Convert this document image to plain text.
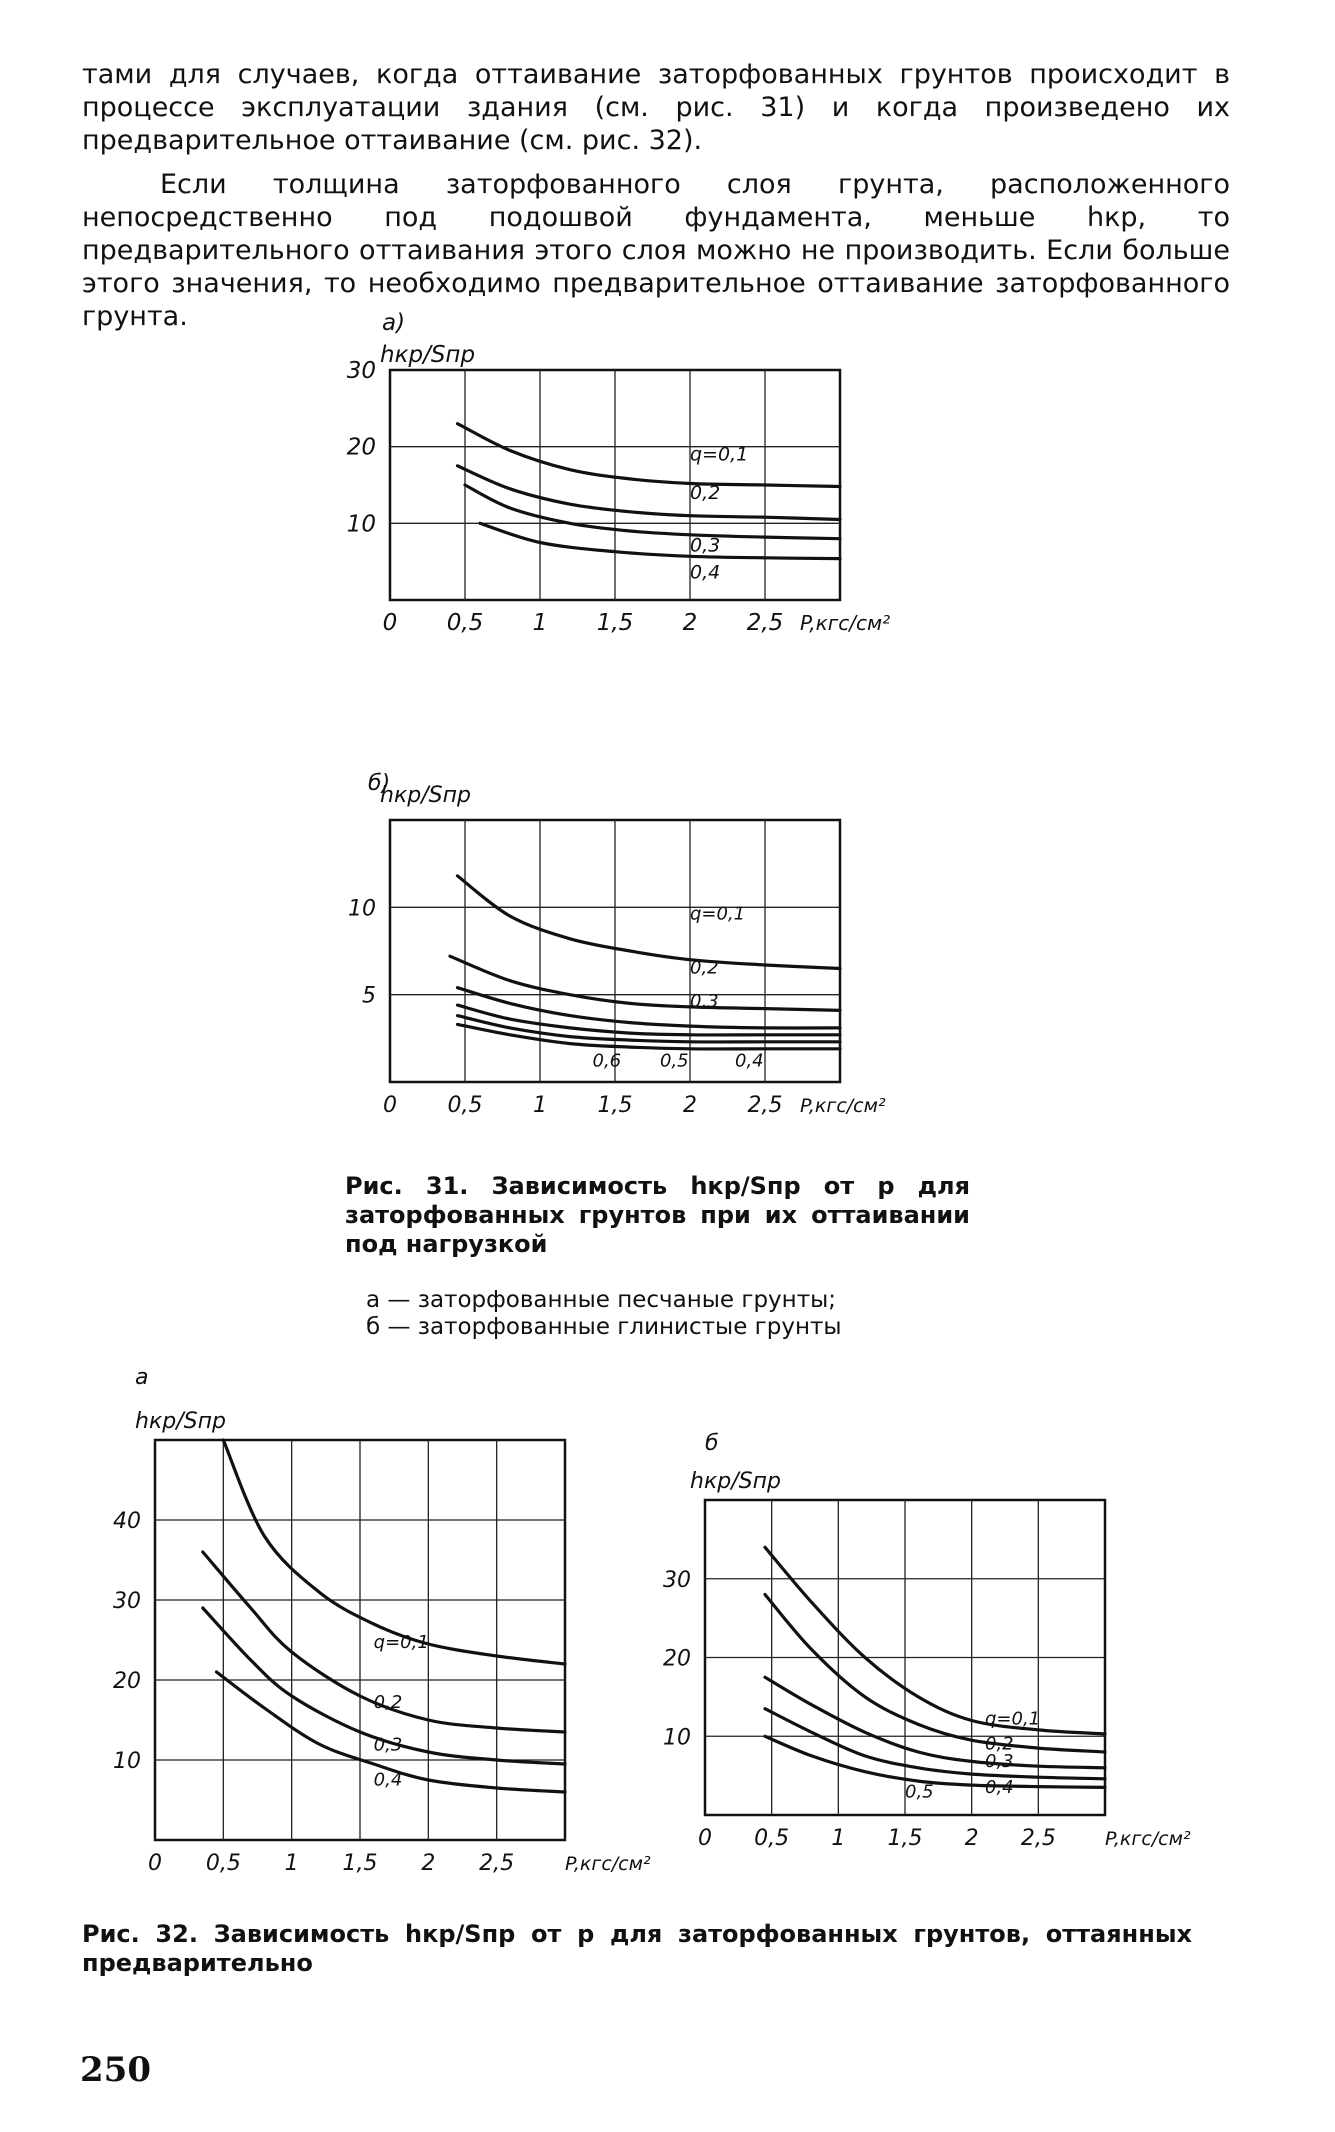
тами для случаев, когда оттаивание заторфованных грунтов происходит в процессе эксплуатации здания (см. рис. 31) и когда произведено их предварительное оттаивание (см. рис. 32).
Если толщина заторфованного слоя грунта, расположенного непосредственно под подошвой фундамента, меньше hкр, то предварительного оттаивания этого слоя можно не производить. Если больше этого значения, то необходимо предварительное оттаивание заторфованного грунта.
0 0,5 1 1,5 2 2,5
10
20
30
hкр/Sпр
P,кгс/см²
а)
q=0,1
0,2
0,3
0,4
0 0,5 1 1,5 2 2,5
5
10
hкр/Sпр
P,кгс/см²
б)
q=0,1
0,2
0,3
0,4
0,5
0,6
Рис. 31. Зависимость hкр/Sпр от p для заторфованных грунтов при их оттаивании под нагрузкой
а — заторфованные песчаные грунты;
б — заторфованные глинистые грунты
0 0,5 1 1,5 2 2,5
10
20
30
40
hкр/Sпр
P,кгс/см²
а
q=0,1
0,2
0,3
0,4
0 0,5 1 1,5 2 2,5
10
20
30
hкр/Sпр
P,кгс/см²
б
q=0,1
0,2
0,3
0,4
0,5
Рис. 32. Зависимость hкр/Sпр от p для заторфованных грунтов, оттаянных предварительно
250
